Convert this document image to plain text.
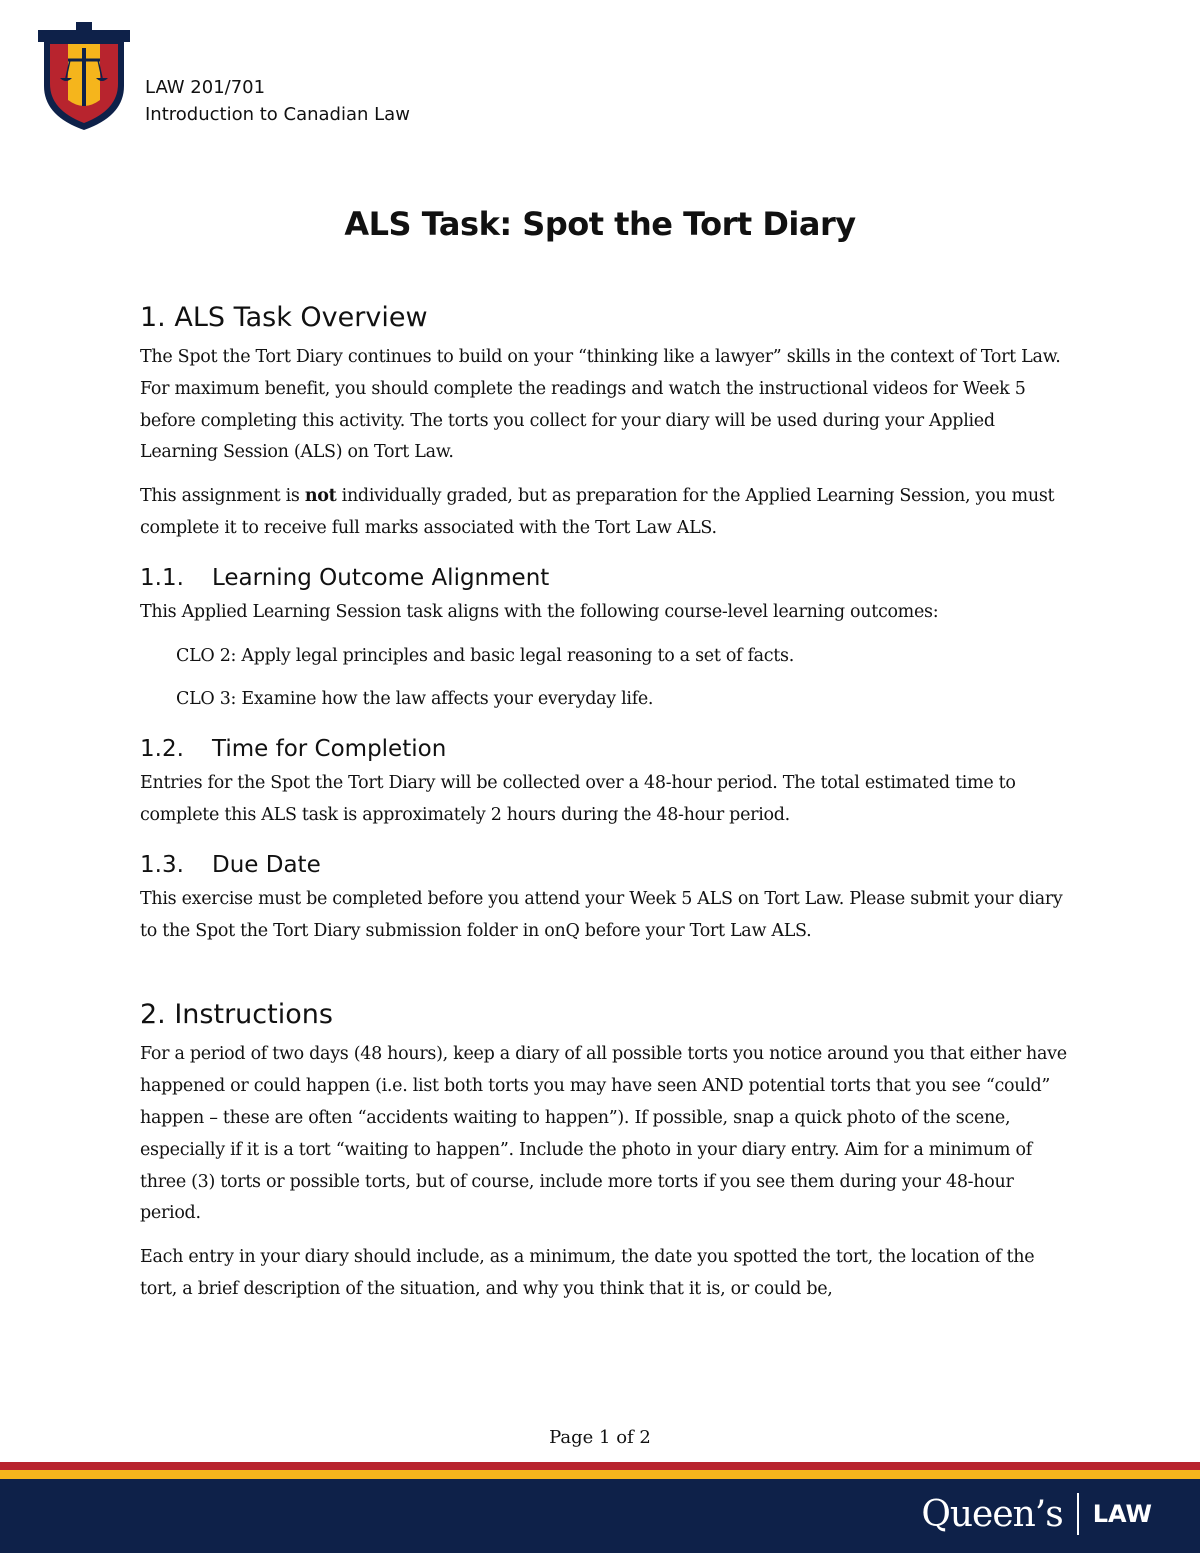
LAW 201/701
Introduction to Canadian Law
ALS Task: Spot the Tort Diary
1. ALS Task Overview

The Spot the Tort Diary continues to build on your “thinking like a lawyer” skills in the context of Tort Law. For maximum benefit, you should complete the readings and watch the instructional videos for Week 5 before completing this activity. The torts you collect for your diary will be used during your Applied Learning Session (ALS) on Tort Law.

This assignment is not individually graded, but as preparation for the Applied Learning Session, you must complete it to receive full marks associated with the Tort Law ALS.

1.1.	Learning Outcome Alignment

This Applied Learning Session task aligns with the following course-level learning outcomes:

CLO 2: Apply legal principles and basic legal reasoning to a set of facts.

CLO 3: Examine how the law affects your everyday life.

1.2.	Time for Completion

Entries for the Spot the Tort Diary will be collected over a 48-hour period. The total estimated time to complete this ALS task is approximately 2 hours during the 48-hour period.

1.3.	Due Date

This exercise must be completed before you attend your Week 5 ALS on Tort Law. Please submit your diary to the Spot the Tort Diary submission folder in onQ before your Tort Law ALS.

2. Instructions

For a period of two days (48 hours), keep a diary of all possible torts you notice around you that either have happened or could happen (i.e. list both torts you may have seen AND potential torts that you see “could” happen – these are often “accidents waiting to happen”). If possible, snap a quick photo of the scene, especially if it is a tort “waiting to happen”. Include the photo in your diary entry. Aim for a minimum of three (3) torts or possible torts, but of course, include more torts if you see them during your 48-hour period.

Each entry in your diary should include, as a minimum, the date you spotted the tort, the location of the tort, a brief description of the situation, and why you think that it is, or could be,

Page 1 of 2
Queen’s LAW
